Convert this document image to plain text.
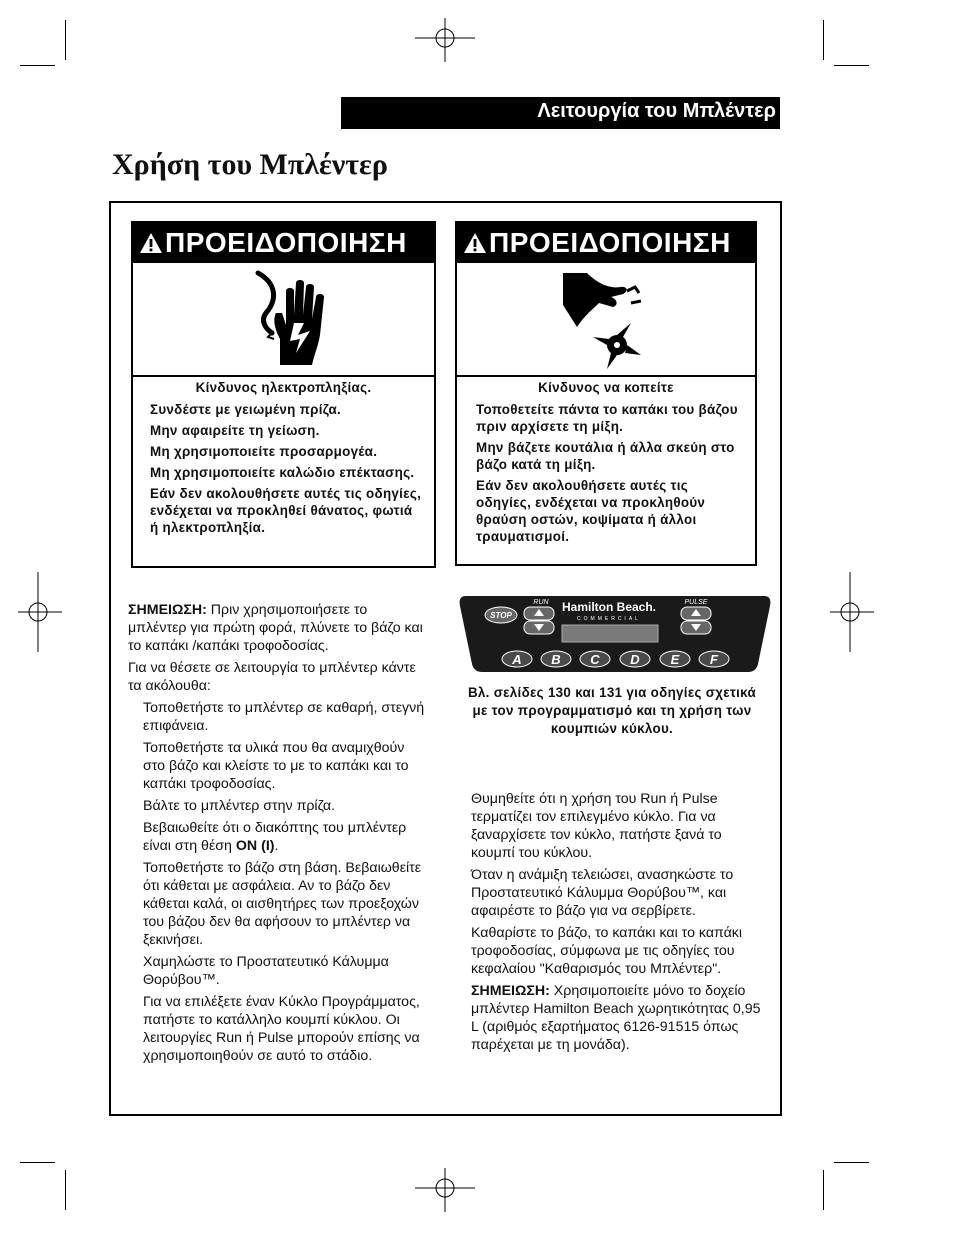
Λειτουργία του Μπλέντερ
Χρήση του Μπλέντερ
ΠΡΟΕΙΔΟΠΟΙΗΣΗ

Κίνδυνος ηλεκτροπληξίας.

Συνδέστε με γειωμένη πρίζα.

Μην αφαιρείτε τη γείωση.

Μη χρησιμοποιείτε προσαρμογέα.

Μη χρησιμοποιείτε καλώδιο επέκτασης.

Εάν δεν ακολουθήσετε αυτές τις οδηγίες, ενδέχεται να προκληθεί θάνατος, φωτιά ή ηλεκτροπληξία.

ΠΡΟΕΙΔΟΠΟΙΗΣΗ

Κίνδυνος να κοπείτε

Τοποθετείτε πάντα το καπάκι του βάζου πριν αρχίσετε τη μίξη.

Μην βάζετε κουτάλια ή άλλα σκεύη στο βάζο κατά τη μίξη.

Εάν δεν ακολουθήσετε αυτές τις οδηγίες, ενδέχεται να προκληθούν θραύση οστών, κοψίματα ή άλλοι τραυματισμοί.

ΣΗΜΕΙΩΣΗ: Πριν χρησιμοποιήσετε το μπλέντερ για πρώτη φορά, πλύνετε το βάζο και το καπάκι /καπάκι τροφοδοσίας.

Για να θέσετε σε λειτουργία το μπλέντερ κάντε τα ακόλουθα:

Τοποθετήστε το μπλέντερ σε καθαρή, στεγνή επιφάνεια.

Τοποθετήστε τα υλικά που θα αναμιχθούν στο βάζο και κλείστε το με το καπάκι και το καπάκι τροφοδοσίας.

Βάλτε το μπλέντερ στην πρίζα.

Βεβαιωθείτε ότι ο διακόπτης του μπλέντερ είναι στη θέση ON (I).

Τοποθετήστε το βάζο στη βάση. Βεβαιωθείτε ότι κάθεται με ασφάλεια. Αν το βάζο δεν κάθεται καλά, οι αισθητήρες των προεξοχών του βάζου δεν θα αφήσουν το μπλέντερ να ξεκινήσει.

Χαμηλώστε το Προστατευτικό Κάλυμμα Θορύβου™.

Για να επιλέξετε έναν Κύκλο Προγράμματος, πατήστε το κατάλληλο κουμπί κύκλου. Οι λειτουργίες Run ή Pulse μπορούν επίσης να χρησιμοποιηθούν σε αυτό το στάδιο.

RUN
STOP
Hamilton Beach.
COMMERCIAL
PULSE
A B C D E F
Βλ. σελίδες 130 και 131 για οδηγίες σχετικά με τον προγραμματισμό και τη χρήση των κουμπιών κύκλου.

Θυμηθείτε ότι η χρήση του Run ή Pulse τερματίζει τον επιλεγμένο κύκλο. Για να ξαναρχίσετε τον κύκλο, πατήστε ξανά το κουμπί του κύκλου.

Όταν η ανάμιξη τελειώσει, ανασηκώστε το Προστατευτικό Κάλυμμα Θορύβου™, και αφαιρέστε το βάζο για να σερβίρετε.

Καθαρίστε το βάζο, το καπάκι και το καπάκι τροφοδοσίας, σύμφωνα με τις οδηγίες του κεφαλαίου "Καθαρισμός του Μπλέντερ".

ΣΗΜΕΙΩΣΗ: Χρησιμοποιείτε μόνο το δοχείο μπλέντερ Hamilton Beach χωρητικότητας 0,95 L (αριθμός εξαρτήματος 6126-91515 όπως παρέχεται με τη μονάδα).
